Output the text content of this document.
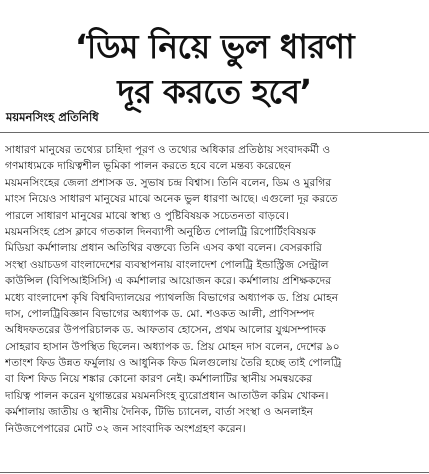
‘ডিম নিয়ে ভুল ধারণা
দূর করতে হবে’
ময়মনসিংহ প্রতিনিধি
সাধারণ মানুষের তথ্যের চাহিদা পূরণ ও তথ্যের অধিকার প্রতিষ্ঠায় সংবাদকর্মী ও
গণমাধ্যমকে দায়িত্বশীল ভূমিকা পালন করতে হবে বলে মন্তব্য করেছেন
ময়মনসিংহের জেলা প্রশাসক ড. সুভাষ চন্দ্র বিশ্বাস। তিনি বলেন, ডিম ও মুরগির
মাংস নিয়েও সাধারণ মানুষের মাঝে অনেক ভুল ধারণা আছে। এগুলো দূর করতে
পারলে সাধারণ মানুষের মাঝে স্বাস্থ্য ও পুষ্টিবিষয়ক সচেতনতা বাড়বে।
ময়মনসিংহ প্রেস ক্লাবে গতকাল দিনব্যাপী অনুষ্ঠিত পোলট্রি রিপোর্টিংবিষয়ক
মিডিয়া কর্মশালায় প্রধান অতিথির বক্তব্যে তিনি এসব কথা বলেন। বেসরকারি
সংস্থা ওয়াচডগ বাংলাদেশের ব্যবস্থাপনায় বাংলাদেশ পোলট্রি ইন্ডাস্ট্রিজ সেন্ট্রাল
কাউন্সিল (বিপিআইসিসি) এ কর্মশালার আয়োজন করে। কর্মশালায় প্রশিক্ষকদের
মধ্যে বাংলাদেশ কৃষি বিশ্ববিদ্যালয়ের প্যাথলজি বিভাগের অধ্যাপক ড. প্রিয় মোহন
দাস, পোলট্রিবিজ্ঞান বিভাগের অধ্যাপক ড. মো. শওকত আলী, প্রাণিসম্পদ
অধিদফতরের উপপরিচালক ড. আফতাব হোসেন, প্রথম আলোর যুগ্মসম্পাদক
সোহরাব হাসান উপস্থিত ছিলেন। অধ্যাপক ড. প্রিয় মোহন দাস বলেন, দেশের ৯০
শতাংশ ফিড উন্নত ফর্মুলায় ও আধুনিক ফিড মিলগুলোয় তৈরি হচ্ছে তাই পোলট্রি
বা ফিশ ফিড নিয়ে শঙ্কার কোনো কারণ নেই। কর্মশালাটির স্থানীয় সমন্বয়কের
দায়িত্ব পালন করেন যুগান্তরের ময়মনসিংহ ব্যুরোপ্রধান আতাউল করিম খোকন।
কর্মশালায় জাতীয় ও স্থানীয় দৈনিক, টিভি চ্যানেল, বার্তা সংস্থা ও অনলাইন
নিউজপেপারের মোট ৩২ জন সাংবাদিক অংশগ্রহণ করেন।
